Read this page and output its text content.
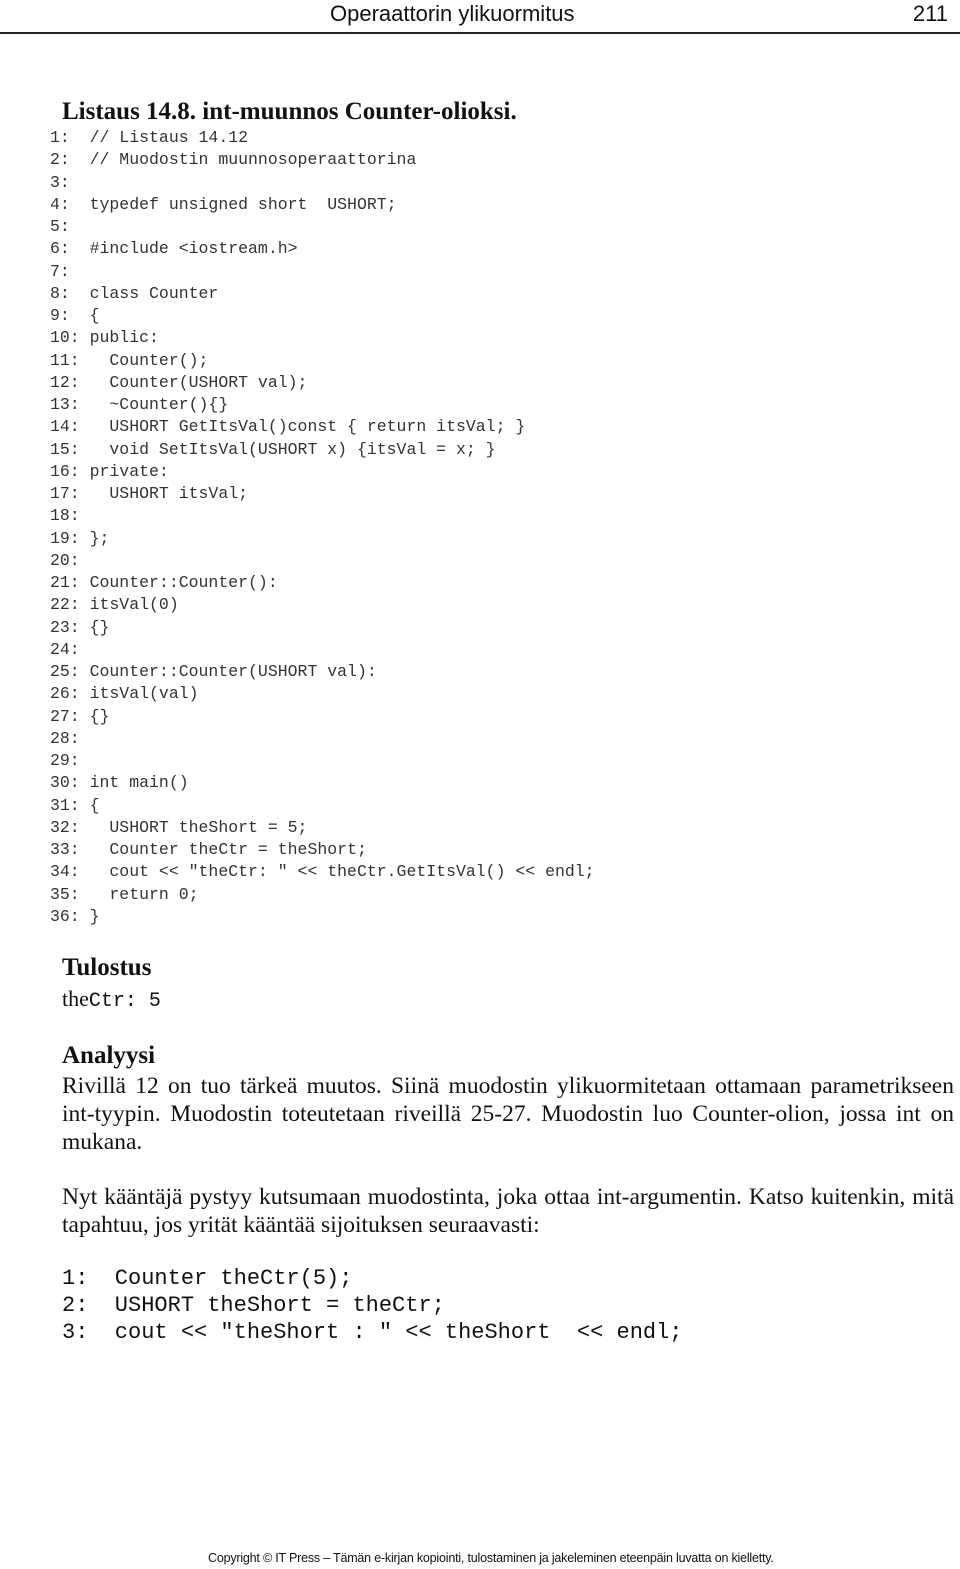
Operaattorin ylikuormitus	211
Listaus 14.8. int-muunnos Counter-olioksi.
1:  // Listaus 14.12
2:  // Muodostin muunnosoperaattorina
3:
4:  typedef unsigned short  USHORT;
5:
6:  #include <iostream.h>
7:
8:  class Counter
9:  {
10: public:
11:   Counter();
12:   Counter(USHORT val);
13:   ~Counter(){}
14:   USHORT GetItsVal()const { return itsVal; }
15:   void SetItsVal(USHORT x) {itsVal = x; }
16: private:
17:   USHORT itsVal;
18:
19: };
20:
21: Counter::Counter():
22: itsVal(0)
23: {}
24:
25: Counter::Counter(USHORT val):
26: itsVal(val)
27: {}
28:
29:
30: int main()
31: {
32:   USHORT theShort = 5;
33:   Counter theCtr = theShort;
34:   cout << "theCtr: " << theCtr.GetItsVal() << endl;
35:   return 0;
36: }
Tulostus
theCtr: 5
Analyysi

Rivillä 12 on tuo tärkeä muutos. Siinä muodostin ylikuormitetaan ottamaan parametrikseen int-tyypin. Muodostin toteutetaan riveillä 25-27. Muodostin luo Counter-olion, jossa int on mukana.

Nyt kääntäjä pystyy kutsumaan muodostinta, joka ottaa int-argumentin. Katso kuitenkin, mitä tapahtuu, jos yrität kääntää sijoituksen seuraavasti:

1:  Counter theCtr(5);
2:  USHORT theShort = theCtr;
3:  cout << "theShort : " << theShort  << endl;
Copyright © IT Press – Tämän e-kirjan kopiointi, tulostaminen ja jakeleminen eteenpäin luvatta on kielletty.
